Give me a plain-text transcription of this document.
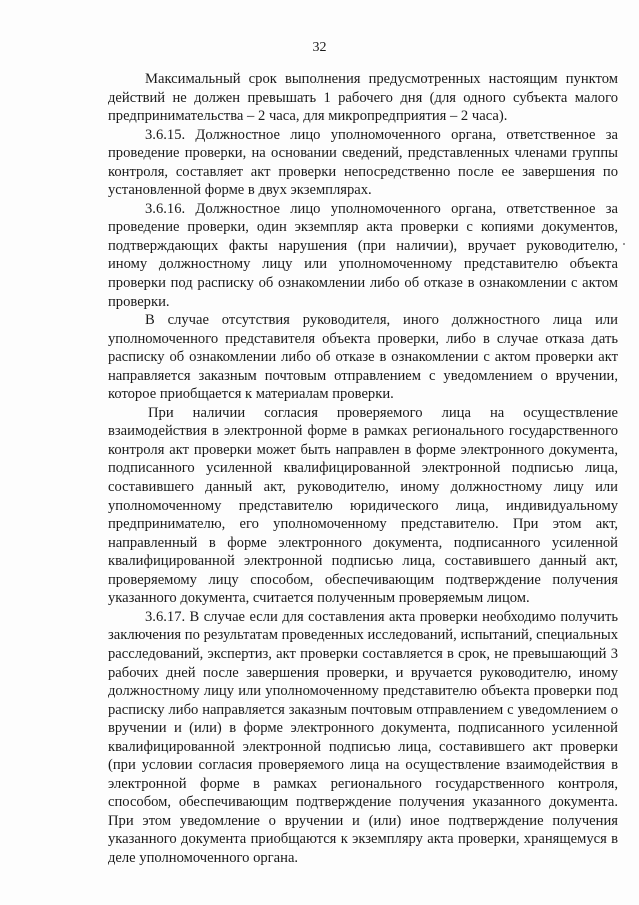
32

Максимальный срок выполнения предусмотренных настоящим пунктом действий не должен превышать 1 рабочего дня (для одного субъекта малого предпринимательства – 2 часа, для микропредприятия – 2 часа).

3.6.15. Должностное лицо уполномоченного органа, ответственное за проведение проверки, на основании сведений, представленных членами группы контроля, составляет акт проверки непосредственно после ее завершения по установленной форме в двух экземплярах.

3.6.16. Должностное лицо уполномоченного органа, ответственное за проведение проверки, один экземпляр акта проверки с копиями документов, подтверждающих факты нарушения (при наличии), вручает руководителю, иному должностному лицу или уполномоченному представителю объекта проверки под расписку об ознакомлении либо об отказе в ознакомлении с актом проверки.

В случае отсутствия руководителя, иного должностного лица или уполномоченного представителя объекта проверки, либо в случае отказа дать расписку об ознакомлении либо об отказе в ознакомлении с актом проверки акт направляется заказным почтовым отправлением с уведомлением о вручении, которое приобщается к материалам проверки.

При наличии согласия проверяемого лица на осуществление взаимодействия в электронной форме в рамках регионального государственного контроля акт проверки может быть направлен в форме электронного документа, подписанного усиленной квалифицированной электронной подписью лица, составившего данный акт, руководителю, иному должностному лицу или уполномоченному представителю юридического лица, индивидуальному предпринимателю, его уполномоченному представителю. При этом акт, направленный в форме электронного документа, подписанного усиленной квалифицированной электронной подписью лица, составившего данный акт, проверяемому лицу способом, обеспечивающим подтверждение получения указанного документа, считается полученным проверяемым лицом.

3.6.17. В случае если для составления акта проверки необходимо получить заключения по результатам проведенных исследований, испытаний, специальных расследований, экспертиз, акт проверки составляется в срок, не превышающий 3 рабочих дней после завершения проверки, и вручается руководителю, иному должностному лицу или уполномоченному представителю объекта проверки под расписку либо направляется заказным почтовым отправлением с уведомлением о вручении и (или) в форме электронного документа, подписанного усиленной квалифицированной электронной подписью лица, составившего акт проверки (при условии согласия проверяемого лица на осуществление взаимодействия в электронной форме в рамках регионального государственного контроля, способом, обеспечивающим подтверждение получения указанного документа. При этом уведомление о вручении и (или) иное подтверждение получения указанного документа приобщаются к экземпляру акта проверки, хранящемуся в деле уполномоченного органа.
